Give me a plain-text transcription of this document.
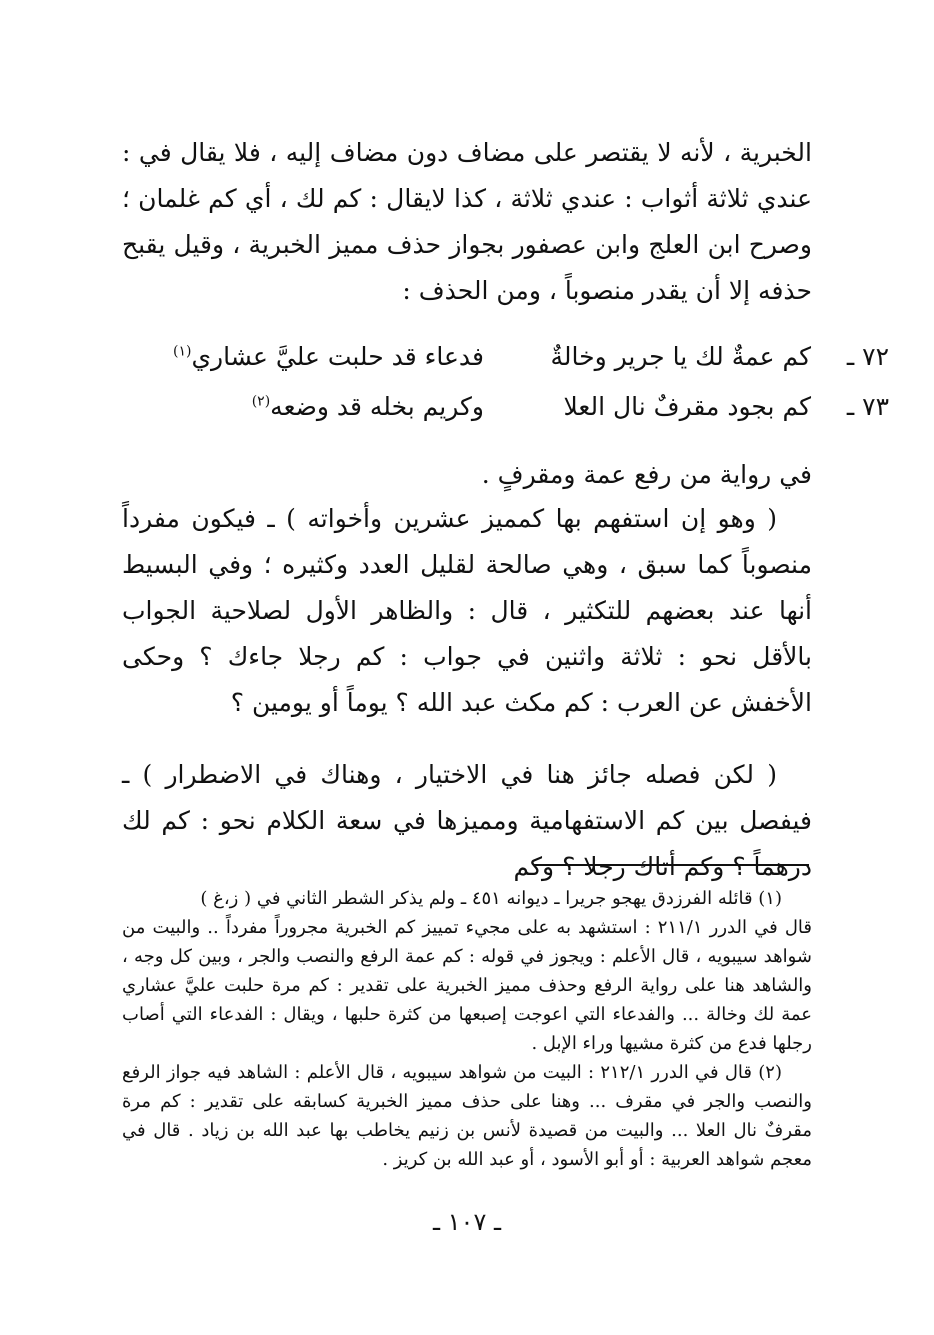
الخبرية ، لأنه لا يقتصر على مضاف دون مضاف إليه ، فلا يقال في : عندي ثلاثة أثواب : عندي ثلاثة ، كذا لايقال : كم لك ، أي كم غلمان ؛ وصرح ابن العلج وابن عصفور بجواز حذف مميز الخبرية ، وقيل يقبح حذفه إلا أن يقدر منصوباً ، ومن الحذف :

٧٢ ـ
كم عمةٌ لك يا جرير وخالةٌ
فدعاء قد حلبت عليَّ عشاري$^{(١)}$
٧٣ ـ
كم بجود مقرفٌ نال العلا
وكريم بخله قد وضعه$^{(٢)}$

في رواية من رفع عمة ومقرفٍ .

( وهو إن استفهم بها كمميز عشرين وأخواته ) ـ فيكون مفرداً منصوباً كما سبق ، وهي صالحة لقليل العدد وكثيره ؛ وفي البسيط أنها عند بعضهم للتكثير ، قال : والظاهر الأول لصلاحية الجواب بالأقل نحو : ثلاثة واثنين في جواب : كم رجلا جاءك ؟ وحكى الأخفش عن العرب : كم مكث عبد الله ؟ يوماً أو يومين ؟

( لكن فصله جائز هنا في الاختيار ، وهناك في الاضطرار ) ـ فيفصل بين كم الاستفهامية ومميزها في سعة الكلام نحو : كم لك درهماً ؟ وكم أتاك رجلا ؟ وكم

(١) قائله الفرزدق يهجو جريرا ـ ديوانه ٤٥١ ـ ولم يذكر الشطر الثاني في ( ز،غ )

قال في الدرر ٢١١/١ : استشهد به على مجيء تمييز كم الخبرية مجروراً مفرداً .. والبيت من شواهد سيبويه ، قال الأعلم : ويجوز في قوله : كم عمة الرفع والنصب والجر ، وبين كل وجه ، والشاهد هنا على رواية الرفع وحذف مميز الخبرية على تقدير : كم مرة حلبت عليَّ عشاري عمة لك وخالة ... والفدعاء التي اعوجت إصبعها من كثرة حلبها ، ويقال : الفدعاء التي أصاب رجلها فدع من كثرة مشيها وراء الإبل .

(٢) قال في الدرر ٢١٢/١ : البيت من شواهد سيبويه ، قال الأعلم : الشاهد فيه جواز الرفع والنصب والجر في مقرف ... وهنا على حذف مميز الخبرية كسابقه على تقدير : كم مرة مقرفٌ نال العلا ... والبيت من قصيدة لأنس بن زنيم يخاطب بها عبد الله بن زياد . قال في معجم شواهد العربية : أو أبو الأسود ، أو عبد الله بن كريز .

ـ ١٠٧ ـ
